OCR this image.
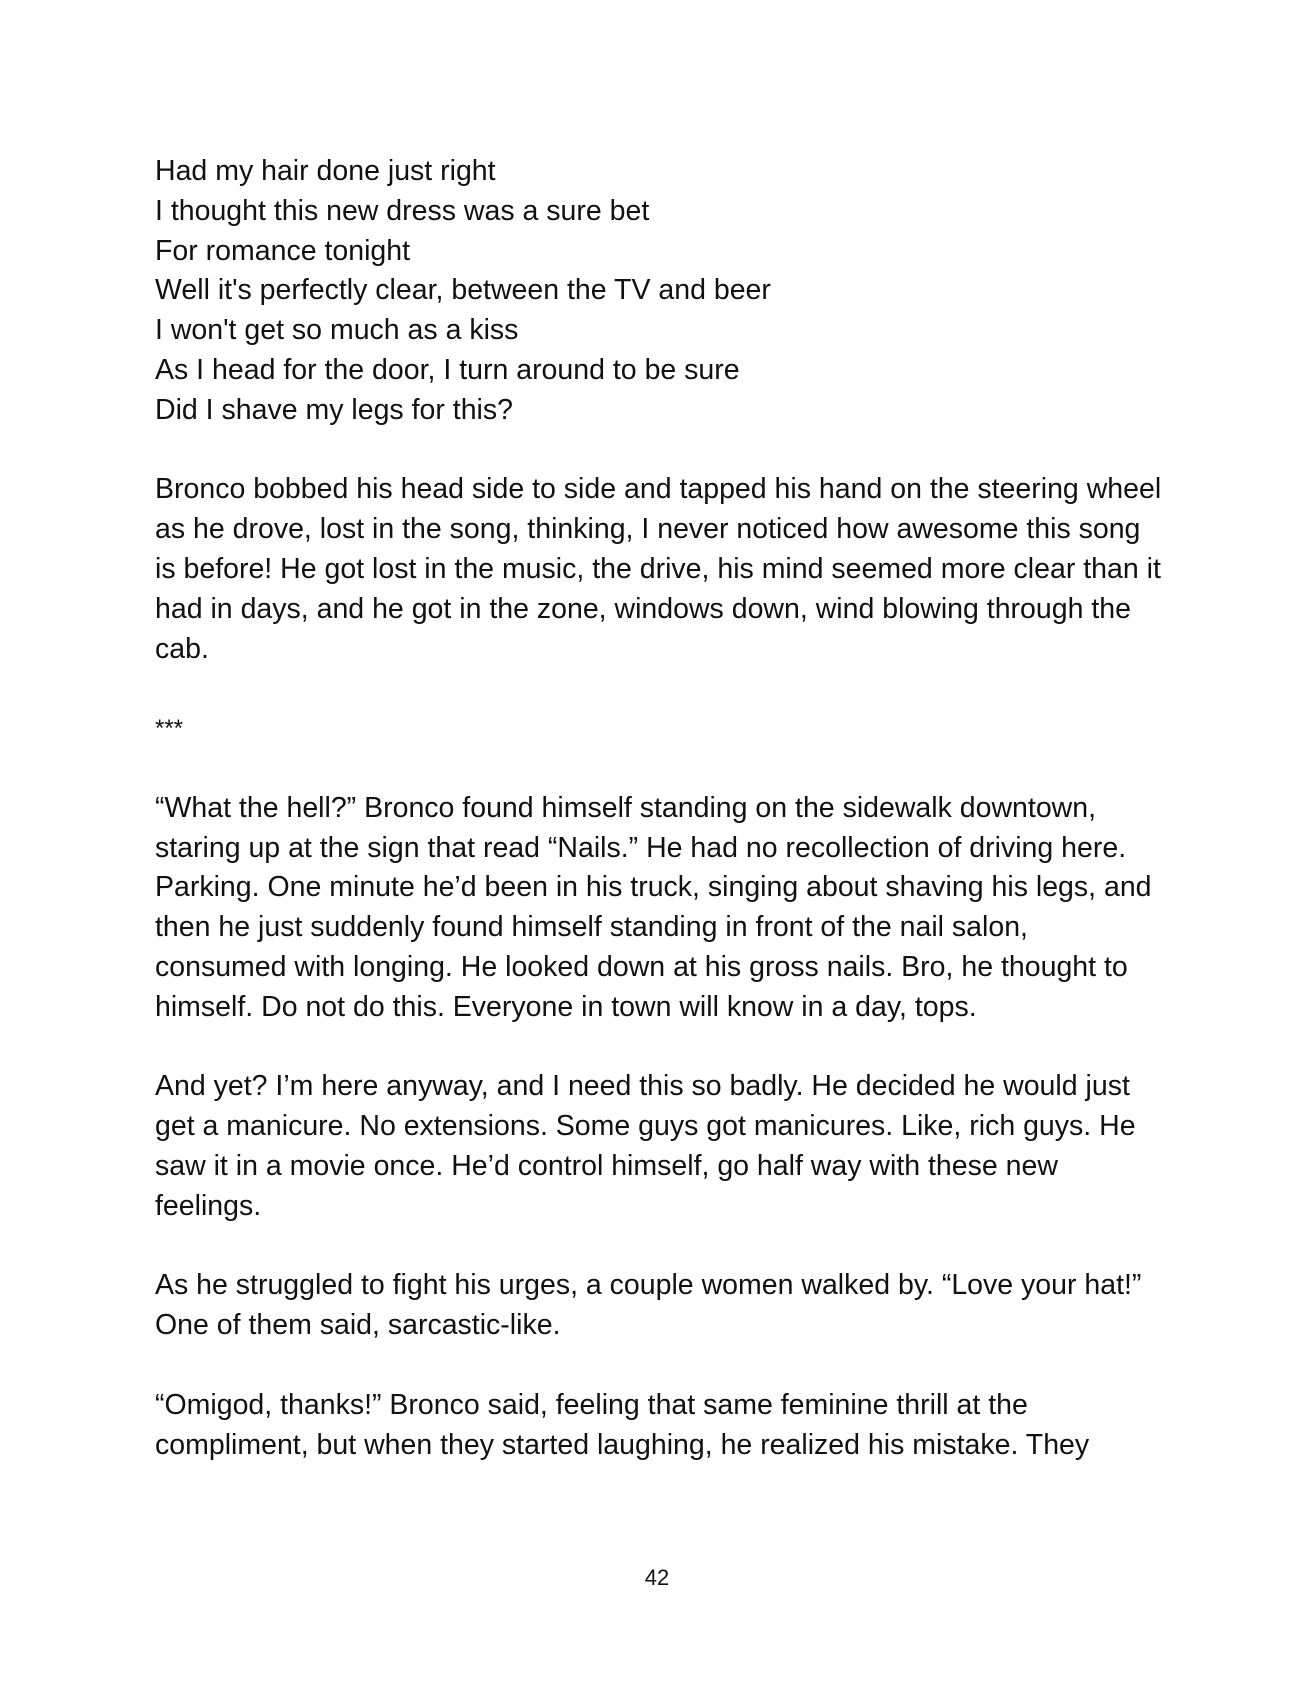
Had my hair done just right
I thought this new dress was a sure bet
For romance tonight
Well it's perfectly clear, between the TV and beer
I won't get so much as a kiss
As I head for the door, I turn around to be sure
Did I shave my legs for this?

Bronco bobbed his head side to side and tapped his hand on the steering wheel as he drove, lost in the song, thinking, I never noticed how awesome this song is before! He got lost in the music, the drive, his mind seemed more clear than it had in days, and he got in the zone, windows down, wind blowing through the cab.

***

“What the hell?” Bronco found himself standing on the sidewalk downtown, staring up at the sign that read “Nails.” He had no recollection of driving here. Parking. One minute he’d been in his truck, singing about shaving his legs, and then he just suddenly found himself standing in front of the nail salon, consumed with longing. He looked down at his gross nails. Bro, he thought to himself. Do not do this. Everyone in town will know in a day, tops.

And yet? I’m here anyway, and I need this so badly. He decided he would just get a manicure. No extensions. Some guys got manicures. Like, rich guys. He saw it in a movie once. He’d control himself, go half way with these new feelings.

As he struggled to fight his urges, a couple women walked by. “Love your hat!” One of them said, sarcastic-like.

“Omigod, thanks!” Bronco said, feeling that same feminine thrill at the compliment, but when they started laughing, he realized his mistake. They

42
